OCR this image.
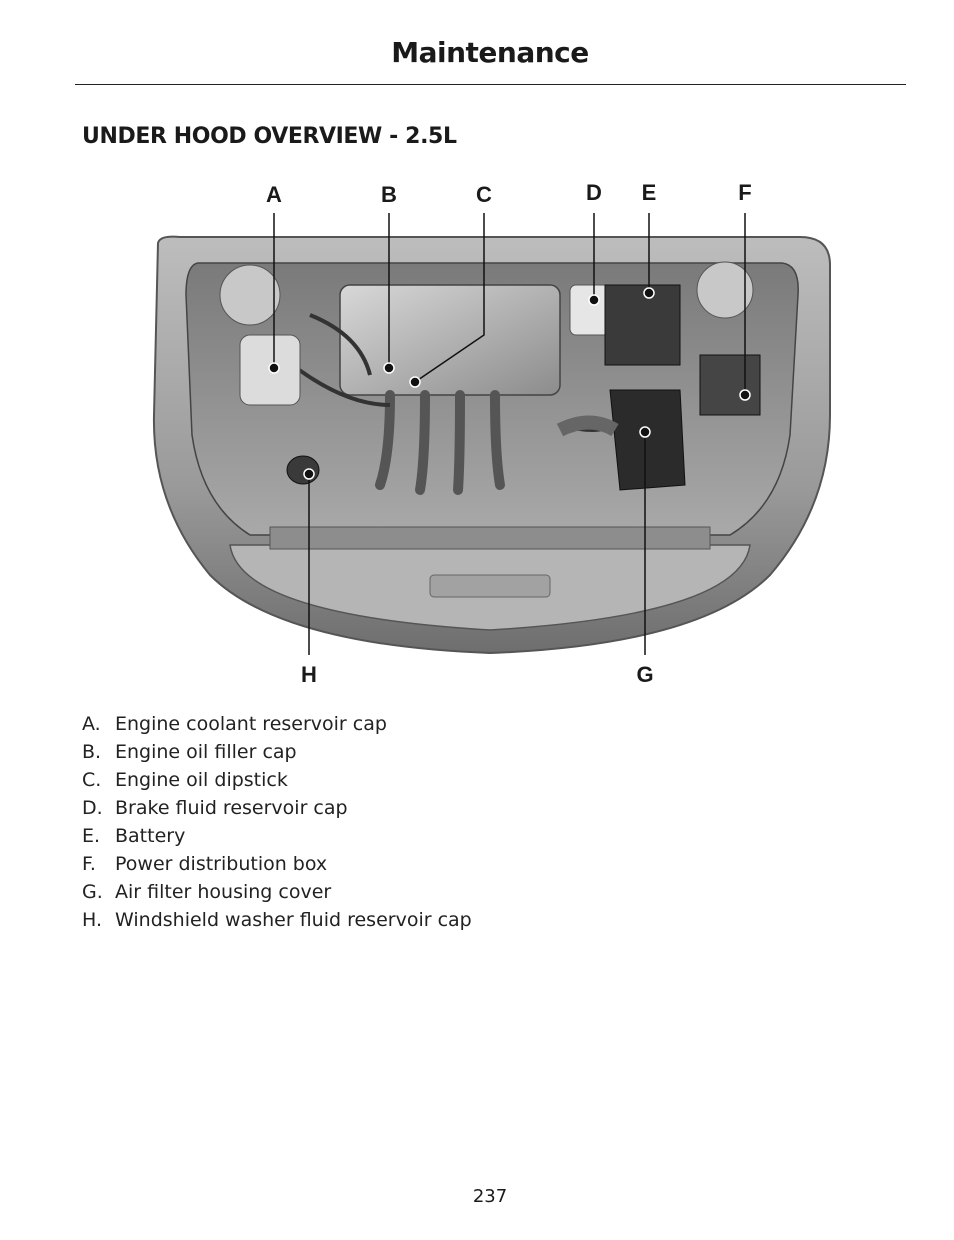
Maintenance
UNDER HOOD OVERVIEW - 2.5L
A	B	C	D E	F
G
H
A. Engine coolant reservoir cap
B. Engine oil filler cap
C. Engine oil dipstick
D. Brake fluid reservoir cap
E. Battery
F.	Power distribution box
G. Air filter housing cover
H. Windshield washer fluid reservoir cap
237
